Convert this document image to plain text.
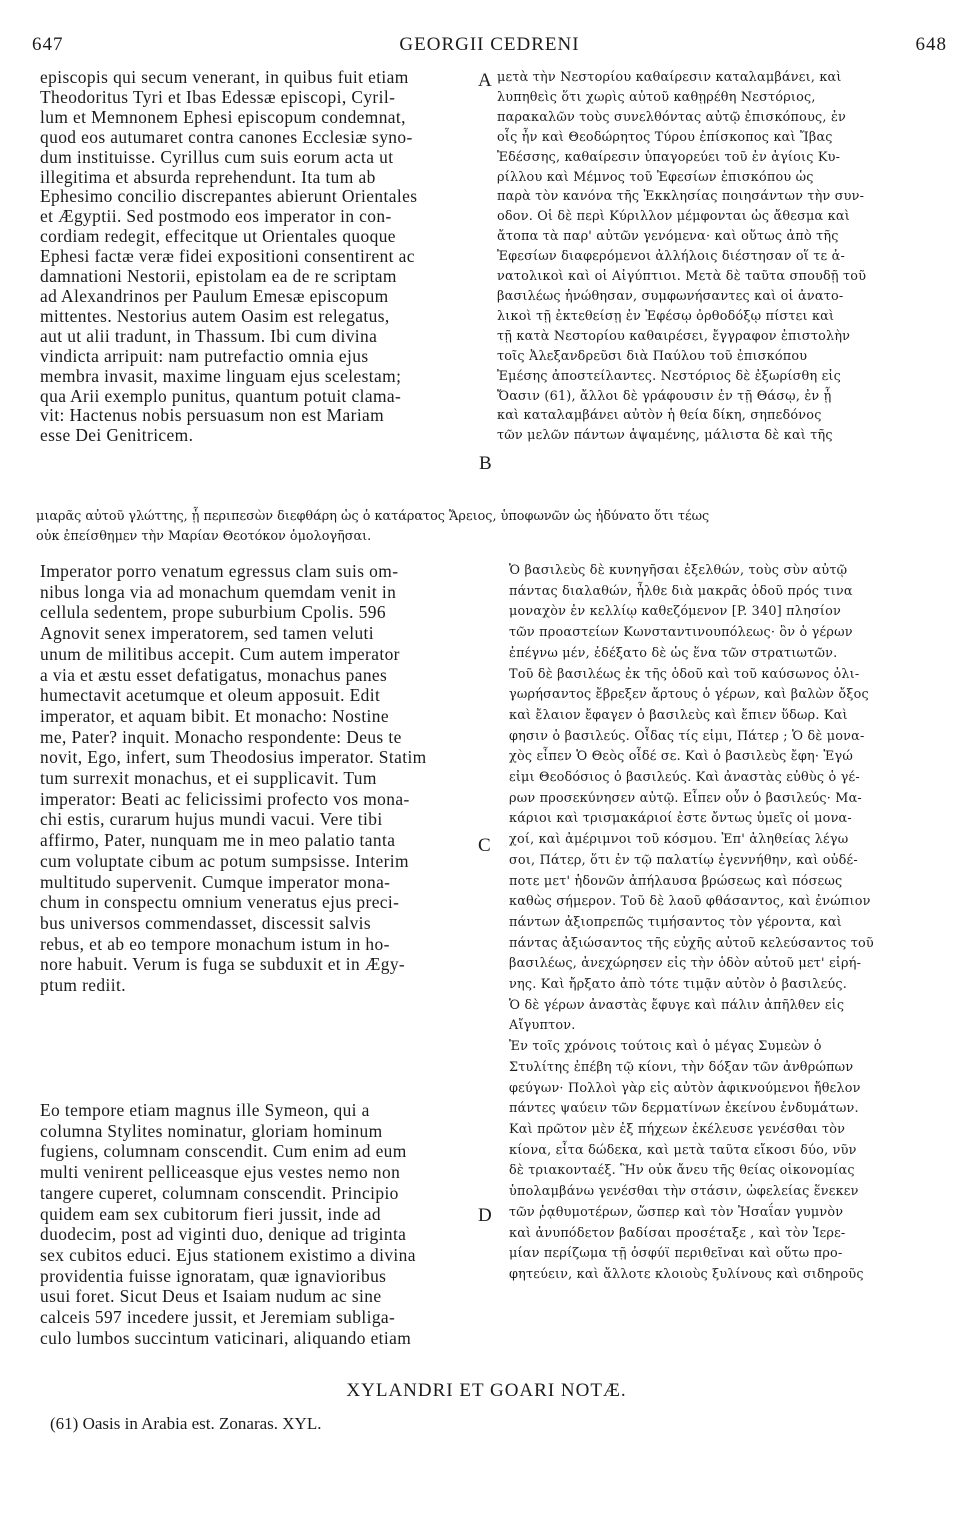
647	GEORGII CEDRENI	648
episcopis qui secum venerant, in quibus fuit etiam
Theodoritus Tyri et Ibas Edessæ episcopi, Cyril-
lum et Memnonem Ephesi episcopum condemnat,
quod eos autumaret contra canones Ecclesiæ syno-
dum instituisse. Cyrillus cum suis eorum acta ut
illegitima et absurda reprehendunt. Ita tum ab
Ephesimo concilio discrepantes abierunt Orientales
et Ægyptii. Sed postmodo eos imperator in con-
cordiam redegit, effecitque ut Orientales quoque
Ephesi factæ veræ fidei expositioni consentirent ac
damnationi Nestorii, epistolam ea de re scriptam
ad Alexandrinos per Paulum Emesæ episcopum
mittentes. Nestorius autem Oasim est relegatus,
aut ut alii tradunt, in Thassum. Ibi cum divina
vindicta arripuit: nam putrefactio omnia ejus
membra invasit, maxime linguam ejus scelestam;
qua Arii exemplo punitus, quantum potuit clama-
vit: Hactenus nobis persuasum non est Mariam
esse Dei Genitricem.
μετὰ τὴν Νεστορίου καθαίρεσιν καταλαμβάνει, καὶ
λυπηθεὶς ὅτι χωρὶς αὐτοῦ καθῃρέθη Νεστόριος,
παρακαλῶν τοὺς συνελθόντας αὐτῷ ἐπισκόπους, ἐν
οἷς ἦν καὶ Θεοδώρητος Τύρου ἐπίσκοπος καὶ Ἴβας
Ἐδέσσης, καθαίρεσιν ὑπαγορεύει τοῦ ἐν ἁγίοις Κυ-
ρίλλου καὶ Μέμνος τοῦ Ἐφεσίων ἐπισκόπου ὡς
παρὰ τὸν κανόνα τῆς Ἐκκλησίας ποιησάντων τὴν συν-
οδον. Οἱ δὲ περὶ Κύριλλον μέμφονται ὡς ἄθεσμα καὶ
ἄτοπα τὰ παρ' αὐτῶν γενόμενα· καὶ οὕτως ἀπὸ τῆς
Ἐφεσίων διαφερόμενοι ἀλλήλοις διέστησαν οἵ τε ἀ-
νατολικοὶ καὶ οἱ Αἰγύπτιοι. Μετὰ δὲ ταῦτα σπουδῇ τοῦ
βασιλέως ἡνώθησαν, συμφωνήσαντες καὶ οἱ ἀνατο-
λικοὶ τῇ ἐκτεθείσῃ ἐν Ἐφέσῳ ὀρθοδόξῳ πίστει καὶ
τῇ κατὰ Νεστορίου καθαιρέσει, ἔγγραφον ἐπιστολὴν
τοῖς Ἀλεξανδρεῦσι διὰ Παύλου τοῦ ἐπισκόπου
Ἐμέσης ἀποστείλαντες. Νεστόριος δὲ ἐξωρίσθη εἰς
Ὄασιν (61), ἄλλοι δὲ γράφουσιν ἐν τῇ Θάσῳ, ἐν ᾗ
καὶ καταλαμβάνει αὐτὸν ἡ θεία δίκη, σηπεδόνος
τῶν μελῶν πάντων ἁψαμένης, μάλιστα δὲ καὶ τῆς
A
B
μιαρᾶς αὐτοῦ γλώττης, ᾗ περιπεσὼν διεφθάρη ὡς ὁ κατάρατος Ἄρειος, ὑποφωνῶν ὡς ἠδύνατο ὅτι τέως
οὐκ ἐπείσθημεν τὴν Μαρίαν Θεοτόκον ὁμολογῆσαι.
Imperator porro venatum egressus clam suis om-
nibus longa via ad monachum quemdam venit in
cellula sedentem, prope suburbium Cpolis. 596
Agnovit senex imperatorem, sed tamen veluti
unum de militibus accepit. Cum autem imperator
a via et æstu esset defatigatus, monachus panes
humectavit acetumque et oleum apposuit. Edit
imperator, et aquam bibit. Et monacho: Nostine
me, Pater? inquit. Monacho respondente: Deus te
novit, Ego, infert, sum Theodosius imperator. Statim
tum surrexit monachus, et ei supplicavit. Tum
imperator: Beati ac felicissimi profecto vos mona-
chi estis, curarum hujus mundi vacui. Vere tibi
affirmo, Pater, nunquam me in meo palatio tanta
cum voluptate cibum ac potum sumpsisse. Interim
multitudo supervenit. Cumque imperator mona-
chum in conspectu omnium veneratus ejus preci-
bus universos commendasset, discessit salvis
rebus, et ab eo tempore monachum istum in ho-
nore habuit. Verum is fuga se subduxit et in Ægy-
ptum rediit.
Eo tempore etiam magnus ille Symeon, qui a
columna Stylites nominatur, gloriam hominum
fugiens, columnam conscendit. Cum enim ad eum
multi venirent pelliceasque ejus vestes nemo non
tangere cuperet, columnam conscendit. Principio
quidem eam sex cubitorum fieri jussit, inde ad
duodecim, post ad viginti duo, denique ad triginta
sex cubitos educi. Ejus stationem existimo a divina
providentia fuisse ignoratam, quæ ignavioribus
usui foret. Sicut Deus et Isaiam nudum ac sine
calceis 597 incedere jussit, et Jeremiam subliga-
culo lumbos succintum vaticinari, aliquando etiam
Ὁ βασιλεὺς δὲ κυνηγῆσαι ἐξελθών, τοὺς σὺν αὐτῷ
πάντας διαλαθών, ἦλθε διὰ μακρᾶς ὁδοῦ πρός τινα
μοναχὸν ἐν κελλίῳ καθεζόμενον [P. 340] πλησίον
τῶν προαστείων Κωνσταντινουπόλεως· ὃν ὁ γέρων
ἐπέγνω μέν, ἐδέξατο δὲ ὡς ἕνα τῶν στρατιωτῶν.
Τοῦ δὲ βασιλέως ἐκ τῆς ὁδοῦ καὶ τοῦ καύσωνος ὀλι-
γωρήσαντος ἔβρεξεν ἄρτους ὁ γέρων, καὶ βαλὼν ὄξος
καὶ ἔλαιον ἔφαγεν ὁ βασιλεὺς καὶ ἔπιεν ὕδωρ. Καὶ
φησιν ὁ βασιλεύς. Οἶδας τίς εἰμι, Πάτερ ; Ὁ δὲ μονα-
χὸς εἶπεν Ὁ Θεὸς οἶδέ σε. Καὶ ὁ βασιλεὺς ἔφη· Ἐγώ
εἰμι Θεοδόσιος ὁ βασιλεύς. Καὶ ἀναστὰς εὐθὺς ὁ γέ-
ρων προσεκύνησεν αὐτῷ. Εἶπεν οὖν ὁ βασιλεύς· Μα-
κάριοι καὶ τρισμακάριοί ἐστε ὄντως ὑμεῖς οἱ μονα-
χοί, καὶ ἀμέριμνοι τοῦ κόσμου. Ἐπ' ἀληθείας λέγω
σοι, Πάτερ, ὅτι ἐν τῷ παλατίῳ ἐγεννήθην, καὶ οὐδέ-
ποτε μετ' ἡδονῶν ἀπήλαυσα βρώσεως καὶ πόσεως
καθὼς σήμερον. Τοῦ δὲ λαοῦ φθάσαντος, καὶ ἐνώπιον
πάντων ἀξιοπρεπῶς τιμήσαντος τὸν γέροντα, καὶ
πάντας ἀξιώσαντος τῆς εὐχῆς αὐτοῦ κελεύσαντος τοῦ
βασιλέως, ἀνεχώρησεν εἰς τὴν ὁδὸν αὐτοῦ μετ' εἰρή-
νης. Καὶ ἤρξατο ἀπὸ τότε τιμᾷν αὐτὸν ὁ βασιλεύς.
Ὁ δὲ γέρων ἀναστὰς ἔφυγε καὶ πάλιν ἀπῆλθεν εἰς
Αἴγυπτον.
Ἐν τοῖς χρόνοις τούτοις καὶ ὁ μέγας Συμεὼν ὁ
Στυλίτης ἐπέβη τῷ κίονι, τὴν δόξαν τῶν ἀνθρώπων
φεύγων· Πολλοὶ γὰρ εἰς αὐτὸν ἀφικνούμενοι ἤθελον
πάντες ψαύειν τῶν δερματίνων ἐκείνου ἐνδυμάτων.
Καὶ πρῶτον μὲν ἐξ πήχεων ἐκέλευσε γενέσθαι τὸν
κίονα, εἶτα δώδεκα, καὶ μετὰ ταῦτα εἴκοσι δύο, νῦν
δὲ τριακονταέξ. Ἣν οὐκ ἄνευ τῆς θείας οἰκονομίας
ὑπολαμβάνω γενέσθαι τὴν στάσιν, ὠφελείας ἕνεκεν
τῶν ῥᾳθυμοτέρων, ὥσπερ καὶ τὸν Ἠσαΐαν γυμνὸν
καὶ ἀνυπόδετον βαδίσαι προσέταξε , καὶ τὸν Ἱερε-
μίαν περίζωμα τῇ ὀσφύϊ περιθεῖναι καὶ οὕτω προ-
φητεύειν, καὶ ἄλλοτε κλοιοὺς ξυλίνους καὶ σιδηροῦς
C
D
XYLANDRI ET GOARI NOTÆ.
(61) Oasis in Arabia est. Zonaras. XYL.
